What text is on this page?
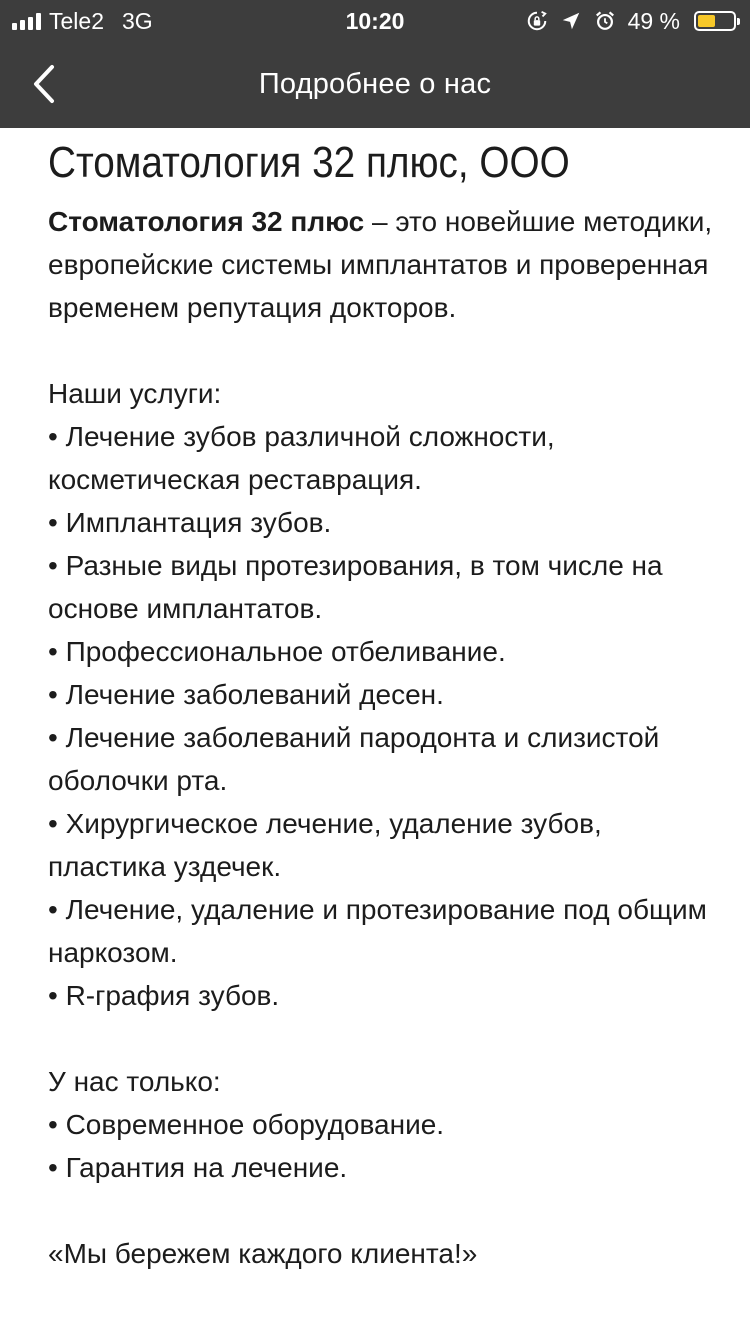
Tele2 3G	10:20	49 %
Подробнее о нас
Стоматология 32 плюс, ООО

Стоматология 32 плюс – это новейшие методики, европейские системы имплантатов и проверенная временем репутация докторов.

Наши услуги:

• Лечение зубов различной сложности, косметическая реставрация.

• Имплантация зубов.

• Разные виды протезирования, в том числе на основе имплантатов.

• Профессиональное отбеливание.

• Лечение заболеваний десен.

• Лечение заболеваний пародонта и слизистой оболочки рта.

• Хирургическое лечение, удаление зубов, пластика уздечек.

• Лечение, удаление и протезирование под общим наркозом.

• R-графия зубов.

У нас только:

• Современное оборудование.

• Гарантия на лечение.

«Мы бережем каждого клиента!»
